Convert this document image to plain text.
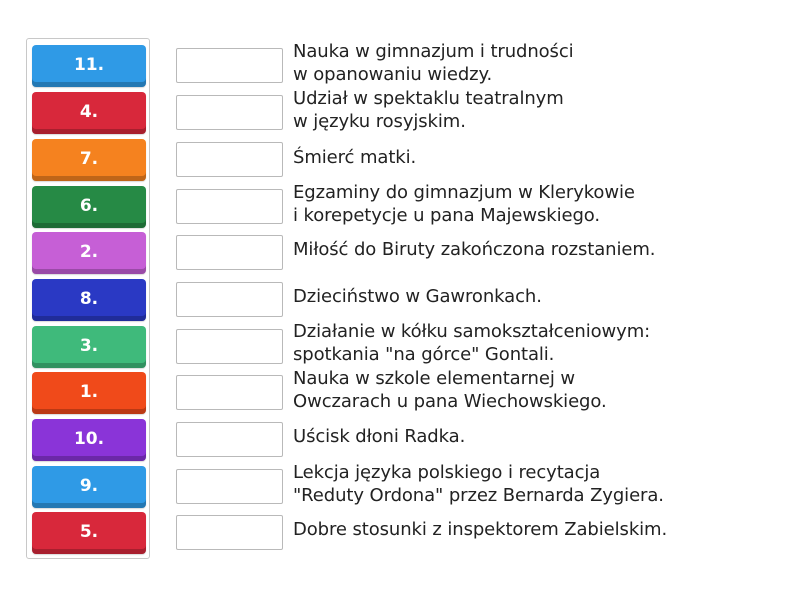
11.
4.
7.
6.
2.
8.
3.
1.
10.
9.
5.
Nauka w gimnazjum i trudności
w opanowaniu wiedzy.
Udział w spektaklu teatralnym
w języku rosyjskim.
Śmierć matki.
Egzaminy do gimnazjum w Klerykowie
i korepetycje u pana Majewskiego.
Miłość do Biruty zakończona rozstaniem.
Dzieciństwo w Gawronkach.
Działanie w kółku samokształceniowym:
spotkania "na górce" Gontali.
Nauka w szkole elementarnej w
Owczarach u pana Wiechowskiego.
Uścisk dłoni Radka.
Lekcja języka polskiego i recytacja
"Reduty Ordona" przez Bernarda Zygiera.
Dobre stosunki z inspektorem Zabielskim.
